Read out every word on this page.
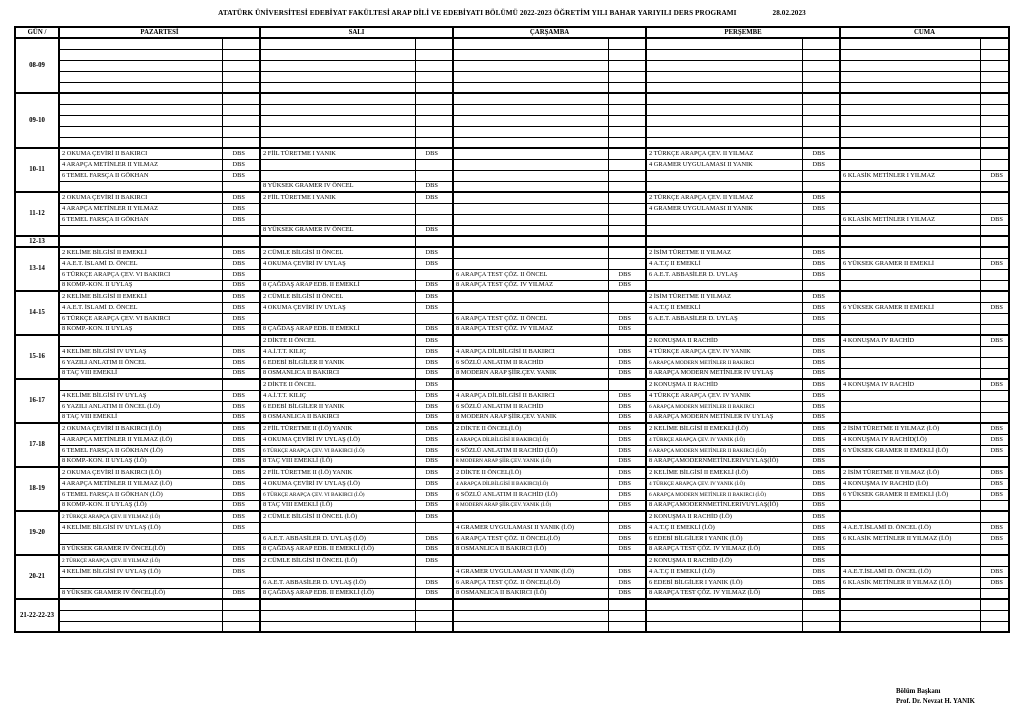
ATATÜRK ÜNİVERSİTESİ EDEBİYAT FAKÜLTESİ ARAP DİLİ VE EDEBİYATI BÖLÜMÜ 2022-2023 ÖĞRETİM YILI BAHAR YARIYILI DERS PROGRAMI	28.02.2023
GÜN /	PAZARTESİ		SALI		ÇARŞAMBA		PERŞEMBE		CUMA	
08-09										

09-10										

10-11	2 OKUMA ÇEVİRİ II BAKIRCI	DBS	2 FİİL TÜRETME I YANIK	DBS			2 TÜRKÇE ARAPÇA ÇEV. II YILMAZ	DBS		
	4 ARAPÇA METİNLER II YILMAZ	DBS					4 GRAMER UYGULAMASI II YANIK	DBS		
	6 TEMEL FARSÇA II GÖKHAN	DBS							6 KLASİK METİNLER I YILMAZ	DBS
			8 YÜKSEK GRAMER IV ÖNCEL	DBS						
11-12	2 OKUMA ÇEVİRİ II BAKIRCI	DBS	2 FİİL TÜRETME I YANIK	DBS			2 TÜRKÇE ARAPÇA ÇEV. II YILMAZ	DBS		
	4 ARAPÇA METİNLER II YILMAZ	DBS					4 GRAMER UYGULAMASI II YANIK	DBS		
	6 TEMEL FARSÇA II GÖKHAN	DBS							6 KLASİK METİNLER I YILMAZ	DBS
			8 YÜKSEK GRAMER IV ÖNCEL	DBS						
12-13										
13-14	2 KELİME BİLGİSİ II EMEKLİ	DBS	2 CÜMLE BİLGİSİ II ÖNCEL	DBS			2 İSİM TÜRETME II YILMAZ	DBS		
	4 A.E.T. İSLAMİ D. ÖNCEL	DBS	4 OKUMA ÇEVİRİ IV UYLAŞ	DBS			4 A.T.Ç II EMEKLİ	DBS	6 YÜKSEK GRAMER II EMEKLİ	DBS
	6 TÜRKÇE ARAPÇA ÇEV. VI BAKIRCI	DBS			6 ARAPÇA TEST ÇÖZ. II ÖNCEL	DBS	6 A.E.T. ABBASİLER D. UYLAŞ	DBS		
	8 KOMP.-KON. II UYLAŞ	DBS	8 ÇAĞDAŞ ARAP EDB. II EMEKLİ	DBS	8 ARAPÇA TEST ÇÖZ. IV YILMAZ	DBS				
14-15	2 KELİME BİLGİSİ II EMEKLİ	DBS	2 CÜMLE BİLGİSİ II ÖNCEL	DBS			2 İSİM TÜRETME II YILMAZ	DBS		
	4 A.E.T. İSLAMİ D. ÖNCEL	DBS	4 OKUMA ÇEVİRİ IV UYLAŞ	DBS			4 A.T.Ç II EMEKLİ	DBS	6 YÜKSEK GRAMER II EMEKLİ	DBS
	6 TÜRKÇE ARAPÇA ÇEV. VI BAKIRCI	DBS			6 ARAPÇA TEST ÇÖZ. II ÖNCEL	DBS	6 A.E.T. ABBASİLER D. UYLAŞ	DBS		
	8 KOMP.-KON. II UYLAŞ	DBS	8 ÇAĞDAŞ ARAP EDB. II EMEKLİ	DBS	8 ARAPÇA TEST ÇÖZ. IV YILMAZ	DBS				
15-16			2 DİKTE II ÖNCEL	DBS			2 KONUŞMA II RACHİD	DBS	4 KONUŞMA IV RACHİD	DBS
	4 KELİME BİLGİSİ IV UYLAŞ	DBS	4 A.İ.T.T. KILIÇ	DBS	4 ARAPÇA DİLBİLGİSİ II BAKIRCI	DBS	4 TÜRKÇE ARAPÇA ÇEV. IV YANIK	DBS		
	6 YAZILI ANLATIM II ÖNCEL	DBS	6 EDEBİ BİLGİLER II YANIK	DBS	6 SÖZLÜ ANLATIM II RACHİD	DBS	6 ARAPÇA MODERN METİNLER II BAKIRCI	DBS		
	8 TAÇ VIII EMEKLİ	DBS	8 OSMANLICA II BAKIRCI	DBS	8 MODERN ARAP ŞİİR.ÇEV. YANIK	DBS	8 ARAPÇA MODERN METİNLER IV UYLAŞ	DBS		
16-17			2 DİKTE II ÖNCEL	DBS			2 KONUŞMA II RACHİD	DBS	4 KONUŞMA IV RACHİD	DBS
	4 KELİME BİLGİSİ IV UYLAŞ	DBS	4 A.İ.T.T. KILIÇ	DBS	4 ARAPÇA DİLBİLGİSİ II BAKIRCI	DBS	4 TÜRKÇE ARAPÇA ÇEV. IV YANIK	DBS		
	6 YAZILI ANLATIM II ÖNCEL (İ.Ö)	DBS	6 EDEBİ BİLGİLER II YANIK	DBS	6 SÖZLÜ ANLATIM II RACHİD	DBS	6 ARAPÇA MODERN METİNLER II BAKIRCI	DBS		
	8 TAÇ VIII EMEKLİ	DBS	8 OSMANLICA II BAKIRCI	DBS	8 MODERN ARAP ŞİİR.ÇEV. YANIK	DBS	8 ARAPÇA MODERN METİNLER IV UYLAŞ	DBS		
17-18	2 OKUMA ÇEVİRİ II BAKIRCI (İ.Ö)	DBS	2 FİİL TÜRETME II (İ.Ö) YANIK	DBS	2 DİKTE II ÖNCEL(İ.Ö)	DBS	2 KELİME BİLGİSİ II EMEKLİ (İ.Ö)	DBS	2 İSİM TÜRETME II YILMAZ (İ.Ö)	DBS
	4 ARAPÇA METİNLER II YILMAZ (İ.Ö)	DBS	4 OKUMA ÇEVİRİ IV UYLAŞ (İ.Ö)	DBS	4 ARAPÇA DİLBİLGİSİ II BAKIRCI(İ.Ö)	DBS	4 TÜRKÇE ARAPÇA ÇEV. IV YANIK (İ.Ö)	DBS	4 KONUŞMA IV RACHİD(İ.Ö)	DBS
	6 TEMEL FARSÇA II GÖKHAN (İ.Ö)	DBS	6 TÜRKÇE ARAPÇA ÇEV. VI BAKIRCI (İ.Ö)	DBS	6 SÖZLÜ ANLATIM II RACHİD (İ.Ö)	DBS	6 ARAPÇA MODERN METİNLER II BAKIRCI (İ.Ö)	DBS	6 YÜKSEK GRAMER II EMEKLİ (İ.Ö)	DBS
	8 KOMP.-KON. II UYLAŞ (İ.Ö)	DBS	8 TAÇ VIII EMEKLİ (İ.Ö)	DBS	8 MODERN ARAP ŞİİR.ÇEV. YANIK (İ.Ö)	DBS	8 ARAPÇAMODERNMETİNLERIVUYLAŞ(İÖ)	DBS		
18-19	2 OKUMA ÇEVİRİ II BAKIRCI (İ.Ö)	DBS	2 FİİL TÜRETME II (İ.Ö) YANIK	DBS	2 DİKTE II ÖNCEL(İ.Ö)	DBS	2 KELİME BİLGİSİ II EMEKLİ (İ.Ö)	DBS	2 İSİM TÜRETME II YILMAZ (İ.Ö)	DBS
	4 ARAPÇA METİNLER II YILMAZ (İ.Ö)	DBS	4 OKUMA ÇEVİRİ IV UYLAŞ (İ.Ö)	DBS	4 ARAPÇA DİLBİLGİSİ II BAKIRCI(İ.Ö)	DBS	4 TÜRKÇE ARAPÇA ÇEV. IV YANIK (İ.Ö)	DBS	4 KONUŞMA IV RACHİD (İ.Ö)	DBS
	6 TEMEL FARSÇA II GÖKHAN (İ.Ö)	DBS	6 TÜRKÇE ARAPÇA ÇEV. VI BAKIRCI (İ.Ö)	DBS	6 SÖZLÜ ANLATIM II RACHİD (İ.Ö)	DBS	6 ARAPÇA MODERN METİNLER II BAKIRCI (İ.Ö)	DBS	6 YÜKSEK GRAMER II EMEKLİ (İ.Ö)	DBS
	8 KOMP.-KON. II UYLAŞ (İ.Ö)	DBS	8 TAÇ VIII EMEKLİ (İ.Ö)	DBS	8 MODERN ARAP ŞİİR.ÇEV. YANIK (İ.Ö)	DBS	8 ARAPÇAMODERNMETİNLERIVUYLAŞ(İÖ)	DBS		
19-20	2 TÜRKÇE ARAPÇA ÇEV. II YILMAZ (İ.Ö)	DBS	2 CÜMLE BİLGİSİ II ÖNCEL (İ.Ö)	DBS			2 KONUŞMA II RACHİD (İ.Ö)	DBS		
	4 KELİME BİLGİSİ IV UYLAŞ (İ.Ö)	DBS			4 GRAMER UYGULAMASI II YANIK (İ.Ö)	DBS	4 A.T.Ç II EMEKLİ (İ.Ö)	DBS	4 A.E.T.İSLAMİ D. ÖNCEL (İ.Ö)	DBS
			6 A.E.T. ABBASİLER D. UYLAŞ (İ.Ö)	DBS	6 ARAPÇA TEST ÇÖZ. II ÖNCEL(İ.Ö)	DBS	6 EDEBİ BİLGİLER I YANIK (İ.Ö)	DBS	6 KLASİK METİNLER II YILMAZ (İ.Ö)	DBS
	8 YÜKSEK GRAMER IV ÖNCEL(İ.Ö)	DBS	8 ÇAĞDAŞ ARAP EDB. II EMEKLİ (İ.Ö)	DBS	8 OSMANLICA II BAKIRCI (İ.Ö)	DBS	8 ARAPÇA TEST ÇÖZ. IV YILMAZ (İ.Ö)	DBS		
20-21	2 TÜRKÇE ARAPÇA ÇEV. II YILMAZ (İ.Ö)	DBS	2 CÜMLE BİLGİSİ II ÖNCEL (İ.Ö)	DBS			2 KONUŞMA II RACHİD (İ.Ö)	DBS		
	4 KELİME BİLGİSİ IV UYLAŞ (İ.Ö)	DBS			4 GRAMER UYGULAMASI II YANIK (İ.Ö)	DBS	4 A.T.Ç II EMEKLİ (İ.Ö)	DBS	4 A.E.T.İSLAMİ D. ÖNCEL (İ.Ö)	DBS
			6 A.E.T. ABBASİLER D. UYLAŞ (İ.Ö)	DBS	6 ARAPÇA TEST ÇÖZ. II ÖNCEL(İ.Ö)	DBS	6 EDEBİ BİLGİLER I YANIK (İ.Ö)	DBS	6 KLASİK METİNLER II YILMAZ (İ.Ö)	DBS
	8 YÜKSEK GRAMER IV ÖNCEL(İ.Ö)	DBS	8 ÇAĞDAŞ ARAP EDB. II EMEKLİ (İ.Ö)	DBS	8 OSMANLICA II BAKIRCI (İ.Ö)	DBS	8 ARAPÇA TEST ÇÖZ. IV YILMAZ (İ.Ö)	DBS		
21-22-22-23										

Bölüm Başkanı
Prof. Dr. Nevzat H. YANIK
